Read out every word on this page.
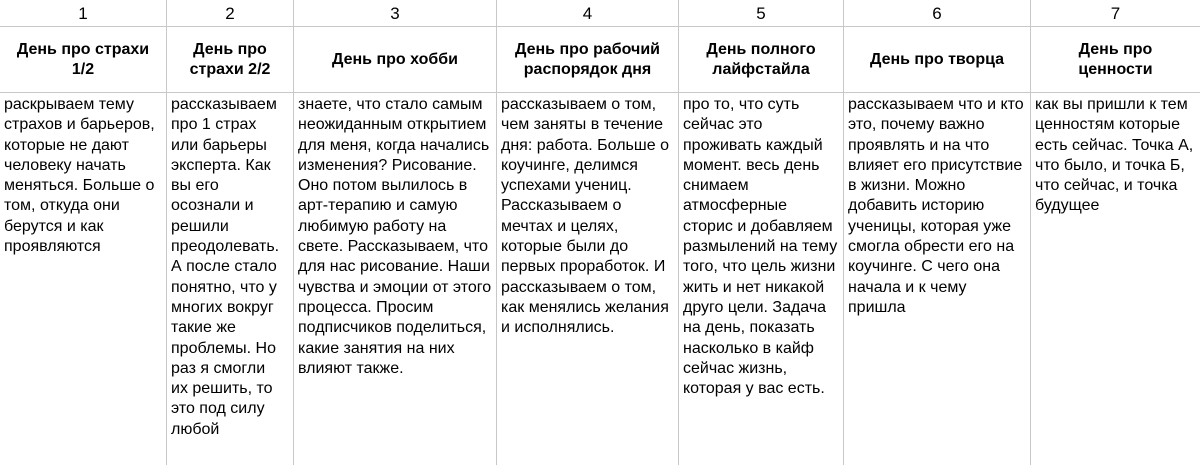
1
День про страхи 1/2
раскрываем тему страхов и барьеров, которые не дают человеку начать меняться. Больше о том, откуда они берутся и как проявляются
2
День про страхи 2/2
рассказываем про 1 страх или барьеры эксперта. Как вы его осознали и решили преодолевать. А после стало понятно, что у многих вокруг такие же проблемы. Но раз я смогли их решить, то это под силу любой
3
День про хобби
знаете, что стало самым неожиданным открытием для меня, когда начались изменения? Рисование. Оно потом вылилось в арт-терапию и самую любимую работу на свете. Рассказываем, что для нас рисование. Наши чувства и эмоции от этого процесса. Просим подписчиков поделиться, какие занятия на них влияют также.
4
День про рабочий распорядок дня
рассказываем о том, чем заняты в течение дня: работа. Больше о коучинге, делимся успехами учениц. Рассказываем о мечтах и целях, которые были до первых проработок. И рассказываем о том, как менялись желания и исполнялись.
5
День полного лайфстайла
про то, что суть сейчас это проживать каждый момент. весь день снимаем атмосферные сторис и добавляем размылений на тему того, что цель жизни жить и нет никакой друго цели. Задача на день, показать насколько в кайф сейчас жизнь, которая у вас есть.
6
День про творца
рассказываем что и кто это, почему важно проявлять и на что влияет его присутствие в жизни. Можно добавить историю ученицы, которая уже смогла обрести его на коучинге. С чего она начала и к чему пришла
7
День про ценности
как вы пришли к тем ценностям которые есть сейчас. Точка А, что было, и точка Б, что сейчас, и точка будущее
